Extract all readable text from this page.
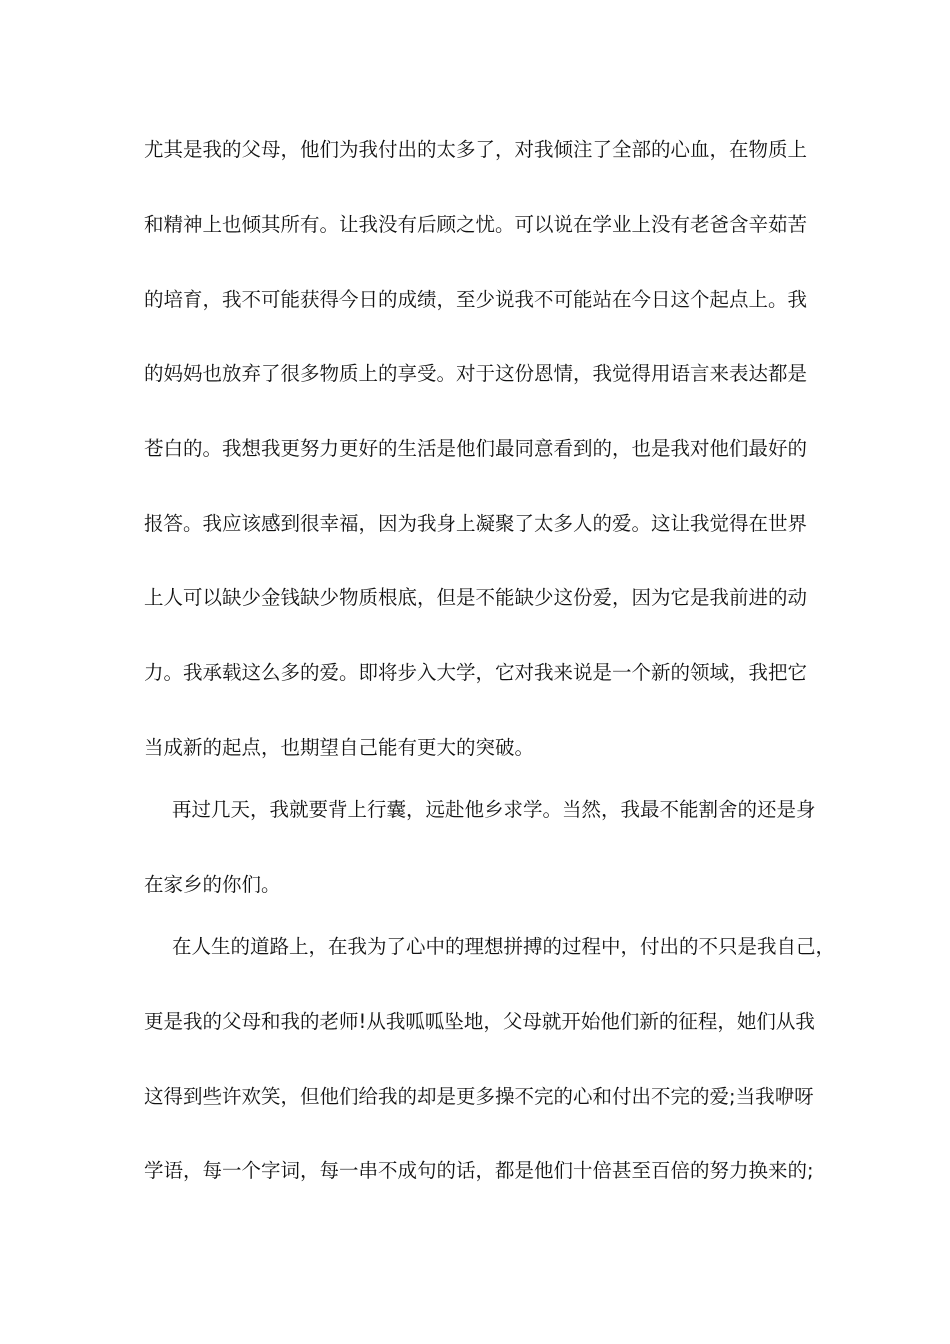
尤其是我的父母，他们为我付出的太多了，对我倾注了全部的心血，在物质上
和精神上也倾其所有。让我没有后顾之忧。可以说在学业上没有老爸含辛茹苦
的培育，我不可能获得今日的成绩，至少说我不可能站在今日这个起点上。我
的妈妈也放弃了很多物质上的享受。对于这份恩情，我觉得用语言来表达都是
苍白的。我想我更努力更好的生活是他们最同意看到的，也是我对他们最好的
报答。我应该感到很幸福，因为我身上凝聚了太多人的爱。这让我觉得在世界
上人可以缺少金钱缺少物质根底，但是不能缺少这份爱，因为它是我前进的动
力。我承载这么多的爱。即将步入大学，它对我来说是一个新的领域，我把它
当成新的起点，也期望自己能有更大的突破。
再过几天，我就要背上行囊，远赴他乡求学。当然，我最不能割舍的还是身
在家乡的你们。
在人生的道路上，在我为了心中的理想拼搏的过程中，付出的不只是我自己，
更是我的父母和我的老师!从我呱呱坠地，父母就开始他们新的征程，她们从我
这得到些许欢笑，但他们给我的却是更多操不完的心和付出不完的爱;当我咿呀
学语，每一个字词，每一串不成句的话，都是他们十倍甚至百倍的努力换来的;
